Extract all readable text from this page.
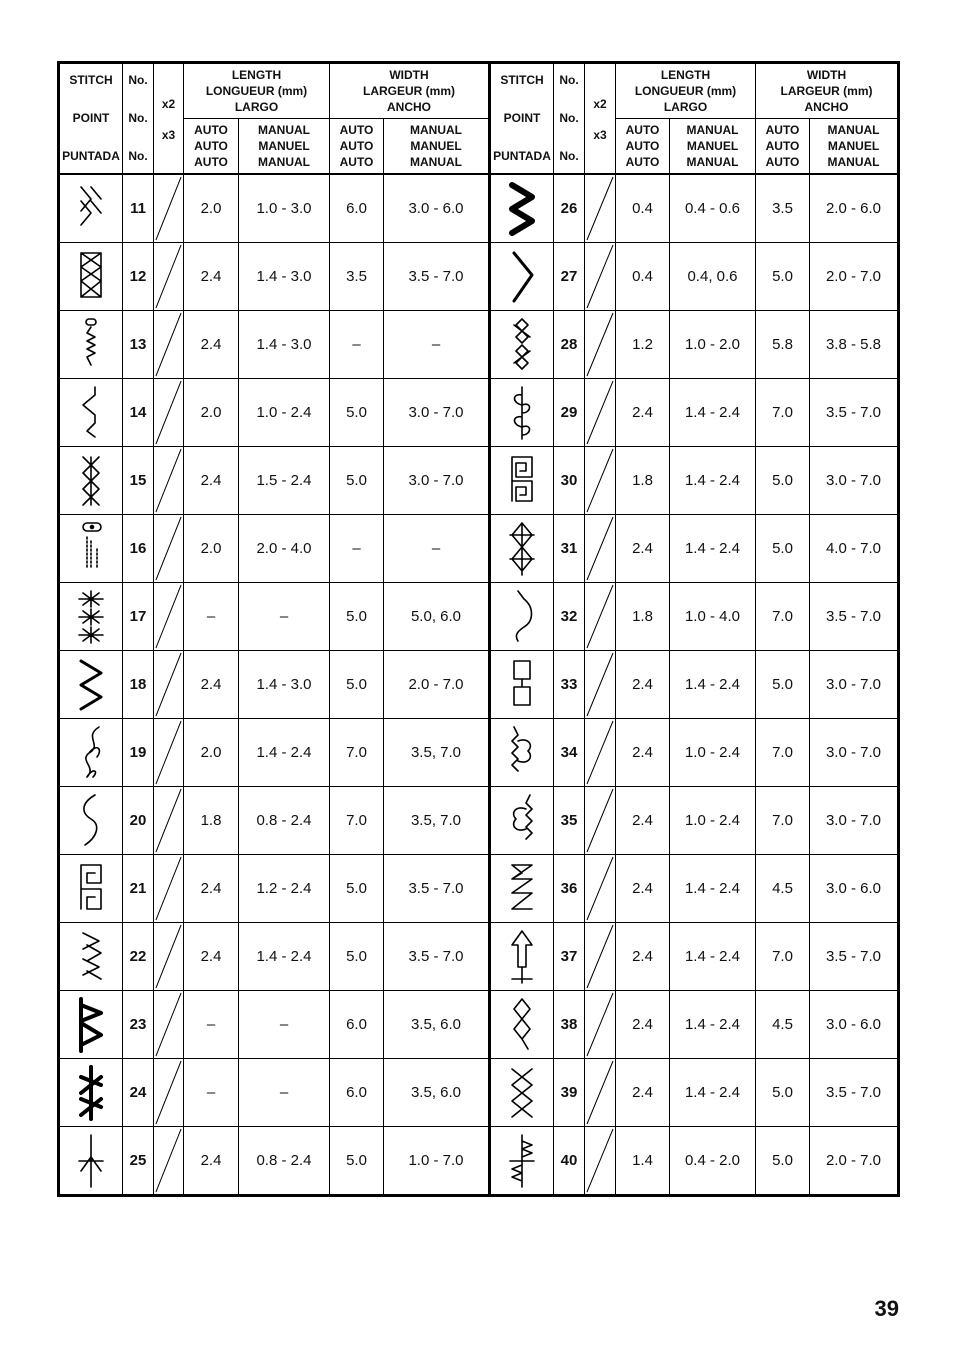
STITCH
POINT
PUNTADA	No.
No.
No.	x2
x3	LENGTH
LONGUEUR (mm)
LARGO		WIDTH
LARGEUR (mm)
ANCHO		STITCH
POINT
PUNTADA	No.
No.
No.	x2
x3	LENGTH
LONGUEUR (mm)
LARGO		WIDTH
LARGEUR (mm)
ANCHO	

			AUTO
AUTO
AUTO	MANUAL
MANUEL
MANUAL	AUTO
AUTO
AUTO	MANUAL
MANUEL
MANUAL				AUTO
AUTO
AUTO	MANUAL
MANUEL
MANUAL	AUTO
AUTO
AUTO	MANUAL
MANUEL
MANUAL

	11		2.0	1.0 - 3.0	6.0	3.0 - 6.0		26		0.4	0.4 - 0.6	3.5	2.0 - 6.0

	12		2.4	1.4 - 3.0	3.5	3.5 - 7.0		27		0.4	0.4, 0.6	5.0	2.0 - 7.0

	13		2.4	1.4 - 3.0	–	–		28		1.2	1.0 - 2.0	5.8	3.8 - 5.8

	14		2.0	1.0 - 2.4	5.0	3.0 - 7.0		29		2.4	1.4 - 2.4	7.0	3.5 - 7.0

	15		2.4	1.5 - 2.4	5.0	3.0 - 7.0		30		1.8	1.4 - 2.4	5.0	3.0 - 7.0

	16		2.0	2.0 - 4.0	–	–		31		2.4	1.4 - 2.4	5.0	4.0 - 7.0

	17		–	–	5.0	5.0, 6.0		32		1.8	1.0 - 4.0	7.0	3.5 - 7.0

	18		2.4	1.4 - 3.0	5.0	2.0 - 7.0		33		2.4	1.4 - 2.4	5.0	3.0 - 7.0

	19		2.0	1.4 - 2.4	7.0	3.5, 7.0		34		2.4	1.0 - 2.4	7.0	3.0 - 7.0

	20		1.8	0.8 - 2.4	7.0	3.5, 7.0		35		2.4	1.0 - 2.4	7.0	3.0 - 7.0

	21		2.4	1.2 - 2.4	5.0	3.5 - 7.0		36		2.4	1.4 - 2.4	4.5	3.0 - 6.0

	22		2.4	1.4 - 2.4	5.0	3.5 - 7.0		37		2.4	1.4 - 2.4	7.0	3.5 - 7.0

	23		–	–	6.0	3.5, 6.0		38		2.4	1.4 - 2.4	4.5	3.0 - 6.0

	24		–	–	6.0	3.5, 6.0		39		2.4	1.4 - 2.4	5.0	3.5 - 7.0

	25		2.4	0.8 - 2.4	5.0	1.0 - 7.0		40		1.4	0.4 - 2.0	5.0	2.0 - 7.0
39
